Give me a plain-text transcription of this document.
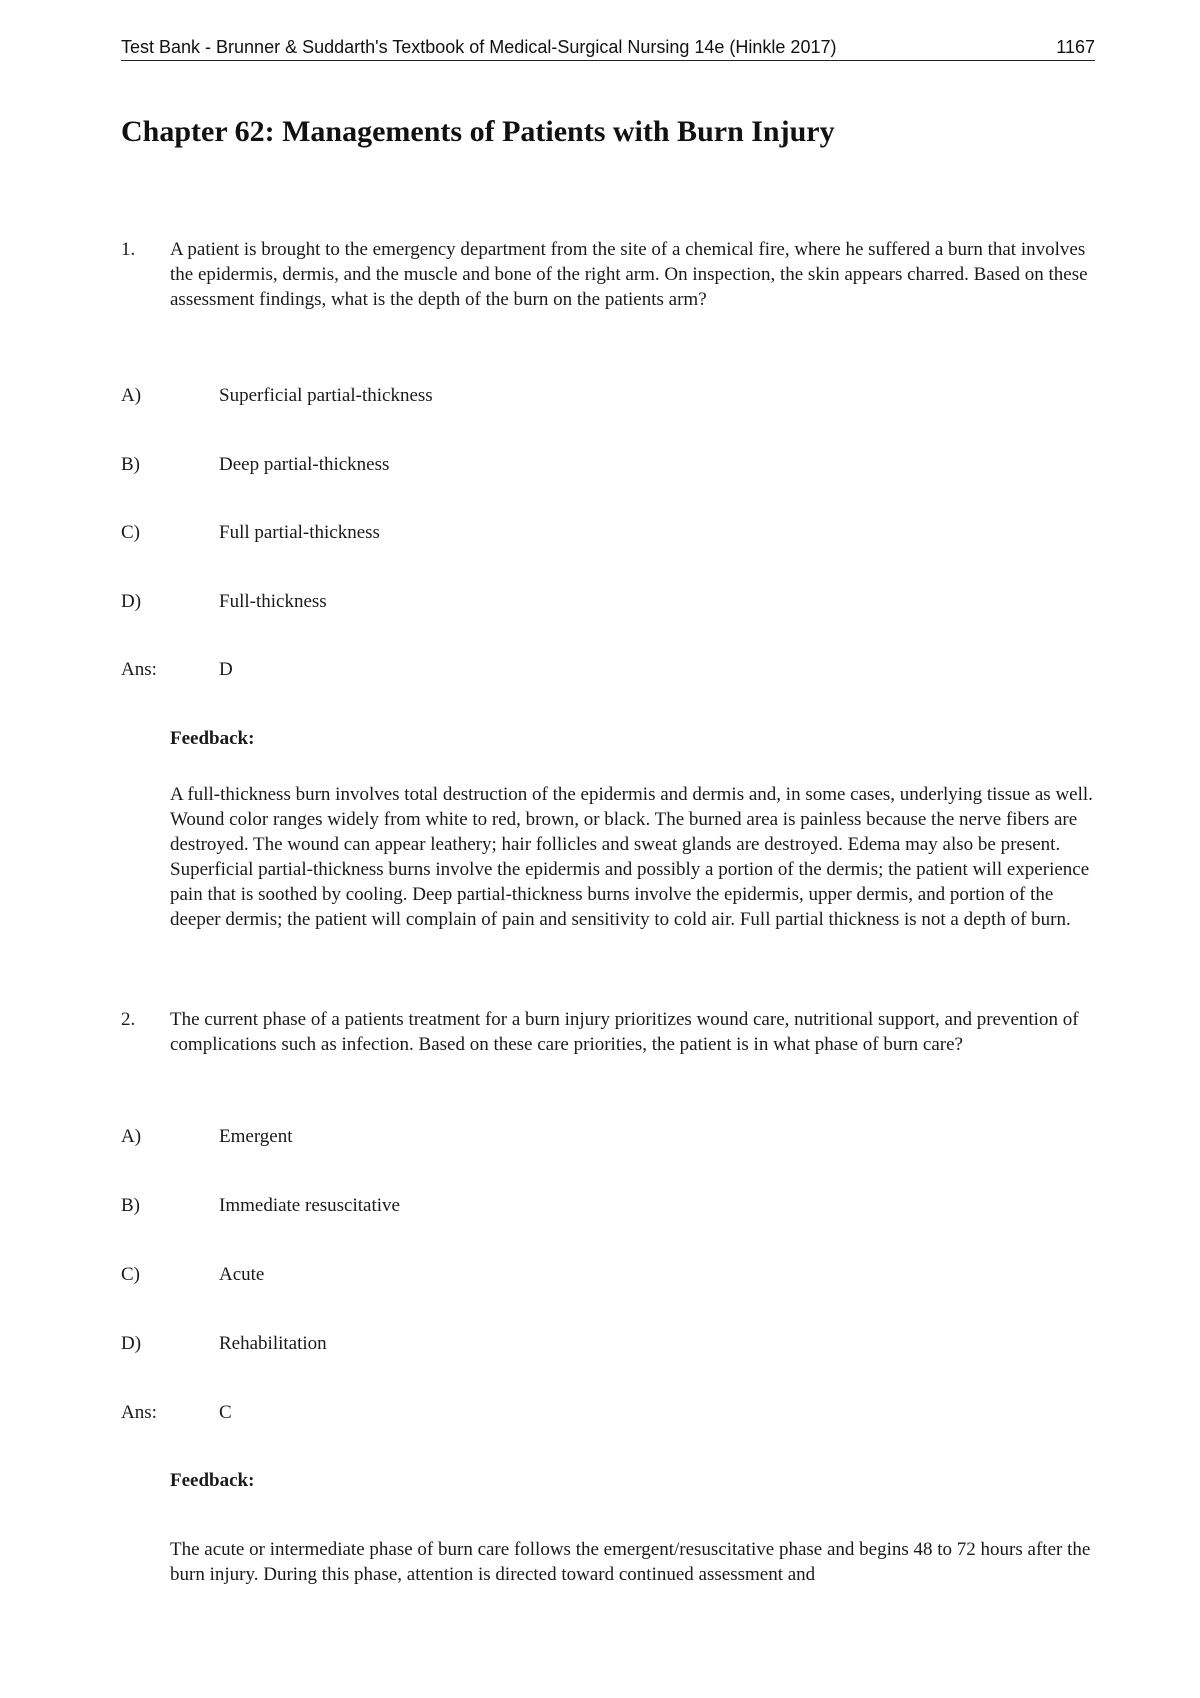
Test Bank - Brunner & Suddarth's Textbook of Medical-Surgical Nursing 14e (Hinkle 2017)	1167
Chapter 62: Managements of Patients with Burn Injury
1. A patient is brought to the emergency department from the site of a chemical fire, where he suffered a burn that involves the epidermis, dermis, and the muscle and bone of the right arm. On inspection, the skin appears charred. Based on these assessment findings, what is the depth of the burn on the patients arm?
A)	Superficial partial-thickness
B)	Deep partial-thickness
C)	Full partial-thickness
D)	Full-thickness
Ans:	D
Feedback:
A full-thickness burn involves total destruction of the epidermis and dermis and, in some cases, underlying tissue as well. Wound color ranges widely from white to red, brown, or black. The burned area is painless because the nerve fibers are destroyed. The wound can appear leathery; hair follicles and sweat glands are destroyed. Edema may also be present. Superficial partial-thickness burns involve the epidermis and possibly a portion of the dermis; the patient will experience pain that is soothed by cooling. Deep partial-thickness burns involve the epidermis, upper dermis, and portion of the deeper dermis; the patient will complain of pain and sensitivity to cold air. Full partial thickness is not a depth of burn.
2. The current phase of a patients treatment for a burn injury prioritizes wound care, nutritional support, and prevention of complications such as infection. Based on these care priorities, the patient is in what phase of burn care?
A)	Emergent
B)	Immediate resuscitative
C)	Acute
D)	Rehabilitation
Ans:	C
Feedback:
The acute or intermediate phase of burn care follows the emergent/resuscitative phase and begins 48 to 72 hours after the burn injury. During this phase, attention is directed toward continued assessment and
